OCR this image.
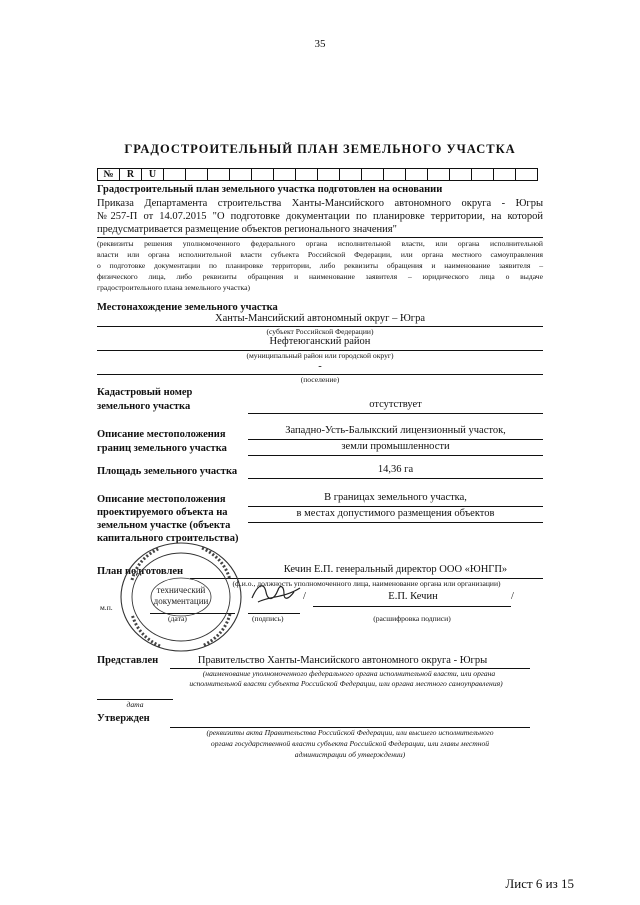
35
ГРАДОСТРОИТЕЛЬНЫЙ ПЛАН ЗЕМЕЛЬНОГО УЧАСТКА
№	R	U																	
Градостроительный план земельного участка подготовлен на основании
Приказа Департамента строительства Ханты-Мансийского автономного округа - Югры
№257-П от 14.07.2015 "О подготовке документации по планировке территории, на которой
предусматривается размещение объектов регионального значения"
(реквизиты решения уполномоченного федерального органа исполнительной власти, или органа исполнительной
власти или органа исполнительной власти субъекта Российской Федерации, или органа местного самоуправления
о подготовке документации по планировке территории, либо реквизиты обращения и наименование заявителя –
физического лица, либо реквизиты обращения и наименование заявителя – юридического лица о выдаче
градостроительного плана земельного участка)
Местонахождение земельного участка
Ханты-Мансийский автономный округ – Югра
(субъект Российской Федерации)
Нефтеюганский район
(муниципальный район или городской округ)
-
(поселение)
Кадастровый номер
земельного участка	отсутствует
Описание местоположения
границ земельного участка
Западно-Усть-Балыкский лицензионный участок,
земли промышленности
Площадь земельного участка	14,36 га
Описание местоположения
проектируемого объекта на
земельном участке (объекта
капитального строительства)
В границах земельного участка,
в местах допустимого размещения объектов
План подготовлен	Кечин Е.П. генеральный директор ООО «ЮНГП»
(ф.и.о., должность уполномоченного лица, наименование органа или организации)
м.п.
/	Е.П. Кечин	/
(дата)	(подпись)	(расшифровка подписи)
технический
документации
Представлен	Правительство Ханты-Мансийского автономного округа - Югры
(наименование уполномоченного федерального органа исполнительной власти, или органа
исполнительной власти субъекта Российской Федерации, или органа местного самоуправления)
дата
Утвержден
(реквизиты акта Правительства Российской Федерации, или высшего исполнительного
органа государственной власти субъекта Российской Федерации, или главы местной
администрации об утверждении)
Лист 6 из 15
